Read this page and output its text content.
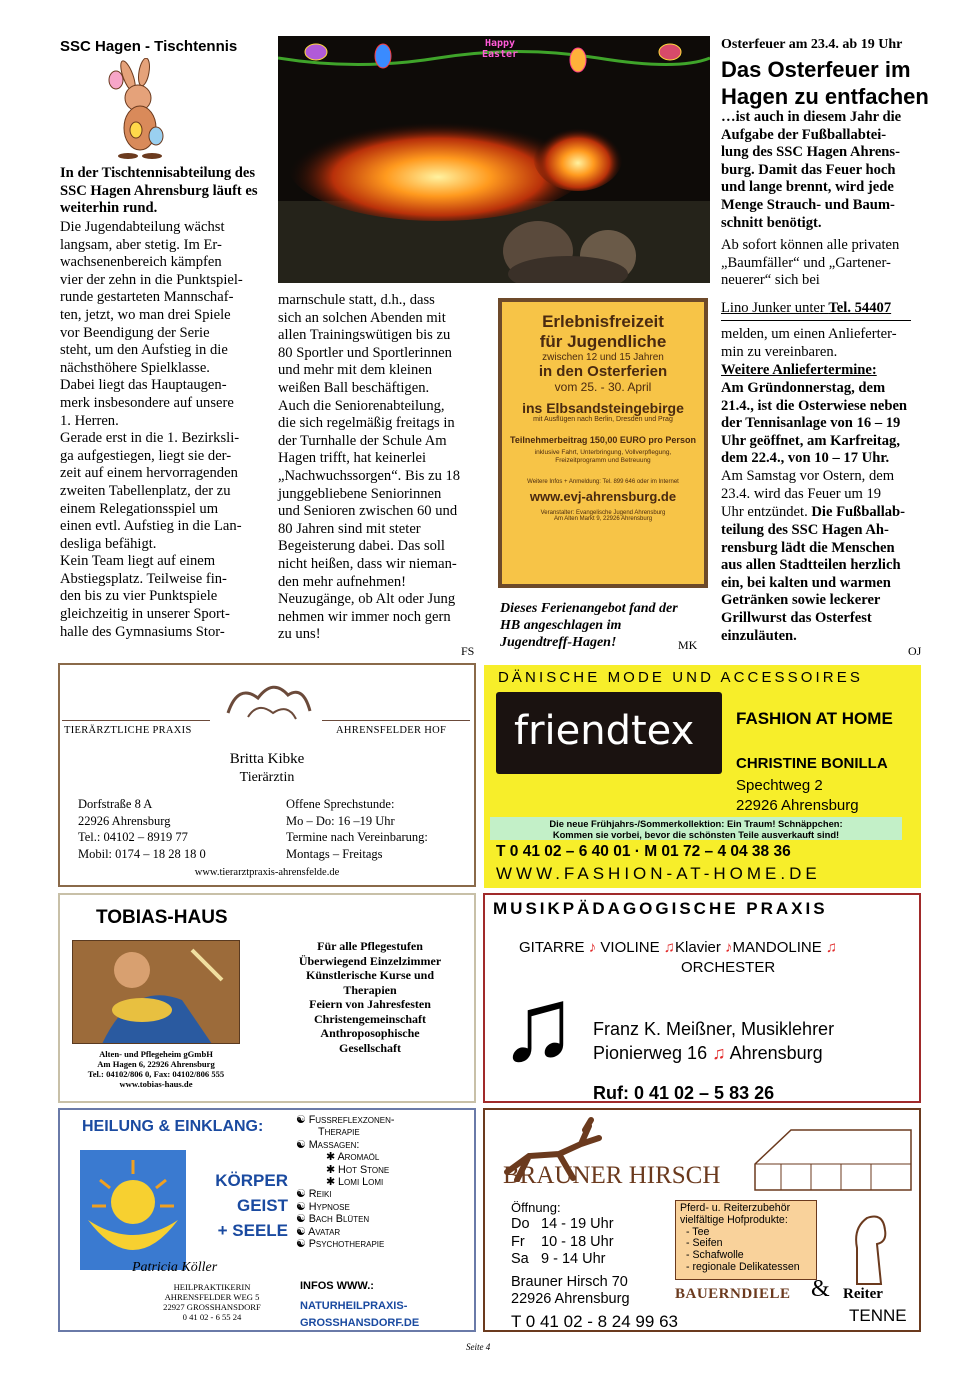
SSC Hagen - Tischtennis
In der Tischtennisabteilung des SSC Hagen Ahrensburg läuft es weiterhin rund.
Die Jugendabteilung wächst
langsam, aber stetig. Im Er-
wachsenenbereich kämpfen
vier der zehn in die Punktspiel-
runde gestarteten Mannschaf-
ten, jetzt, wo man drei Spiele
vor Beendigung der Serie
steht, um den Aufstieg in die
nächsthöhere Spielklasse.
Dabei liegt das Hauptaugen-
merk insbesondere auf unsere
1. Herren.
Gerade erst in die 1. Bezirksli-
ga aufgestiegen, liegt sie der-
zeit auf einem hervorragenden
zweiten Tabellenplatz, der zu
einem Relegationsspiel um
einen evtl. Aufstieg in die Lan-
desliga befähigt.
Kein Team liegt auf einem
Abstiegsplatz. Teilweise fin-
den bis zu vier Punktspiele
gleichzeitig in unserer Sport-
halle des Gymnasiums Stor-
marnschule statt, d.h., dass
sich an solchen Abenden mit
allen Trainingswütigen bis zu
80 Sportler und Sportlerinnen
und mehr mit dem kleinen
weißen Ball beschäftigen.
Auch die Seniorenabteilung,
die sich regelmäßig freitags in
der Turnhalle der Schule Am
Hagen trifft, hat keinerlei
„Nachwuchssorgen“. Bis zu 18
junggebliebene Seniorinnen
und Senioren zwischen 60 und
80 Jahren sind mit steter
Begeisterung dabei. Das soll
nicht heißen, dass wir nieman-
den mehr aufnehmen!
Neuzugänge, ob Alt oder Jung
nehmen wir immer noch gern
zu uns!
FS
Happy Easter
Erlebnisfreizeit
für Jugendliche
zwischen 12 und 15 Jahren
in den Osterferien
vom 25. - 30. April
ins Elbsandsteingebirge
mit Ausflügen nach Berlin, Dresden und Prag
Teilnehmerbeitrag 150,00 EURO pro Person
inklusive Fahrt, Unterbringung, Vollverpflegung, Freizeitprogramm und Betreuung
Weitere Infos + Anmeldung: Tel. 899 646 oder im Internet
www.evj-ahrensburg.de
Veranstalter: Evangelische Jugend Ahrensburg
Am Alten Markt 9, 22926 Ahrensburg
Dieses Ferienangebot fand der HB angeschlagen im Jugendtreff-Hagen!	MK
Osterfeuer am 23.4. ab 19 Uhr
Das Osterfeuer im
Hagen zu entfachen
…ist auch in diesem Jahr die
Aufgabe der Fußballabtei-
lung des SSC Hagen Ahrens-
burg. Damit das Feuer hoch
und lange brennt, wird jede
Menge Strauch- und Baum-
schnitt benötigt.
Ab sofort können alle privaten
„Baumfäller“ und „Gartener-
neuerer“ sich bei
Lino Junker unter Tel. 54407
melden, um einen Anlieferter-
min zu vereinbaren.
Weitere Anliefertermine:
Am Gründonnerstag, dem
21.4., ist die Osterwiese neben
der Tennisanlage von 16 – 19
Uhr geöffnet, am Karfreitag,
dem 22.4., von 10 – 17 Uhr.
Am Samstag vor Ostern, dem
23.4. wird das Feuer um 19
Uhr entzündet. Die Fußballab-
teilung des SSC Hagen Ah-
rensburg lädt die Menschen
aus allen Stadtteilen herzlich
ein, bei kalten und warmen
Getränken sowie leckerer
Grillwurst das Osterfest
einzuläuten.
OJ
TIERÄRZTLICHE PRAXIS	AHRENSFELDER HOF
Britta Kibke
Tierärztin
Dorfstraße 8 A
22926 Ahrensburg
Tel.: 04102 – 8919 77
Mobil: 0174 – 18 28 18 0
Offene Sprechstunde:
Mo – Do: 16 –19 Uhr
Termine nach Vereinbarung:
Montags – Freitags
www.tierarztpraxis-ahrensfelde.de
DÄNISCHE MODE UND ACCESSOIRES
friendtex FASHION AT HOME
CHRISTINE BONILLA
Spechtweg 2
22926 Ahrensburg
Die neue Frühjahrs-/Sommerkollektion: Ein Traum! Schnäppchen:
Kommen sie vorbei, bevor die schönsten Teile ausverkauft sind!
T 0 41 02 – 6 40 01 · M 01 72 – 4 04 38 36
WWW.FASHION-AT-HOME.DE
TOBIAS-HAUS
Alten- und Pflegeheim gGmbH
Am Hagen 6, 22926 Ahrensburg
Tel.: 04102/806 0, Fax: 04102/806 555
www.tobias-haus.de
Für alle Pflegestufen
Überwiegend Einzelzimmer
Künstlerische Kurse und
Therapien
Feiern von Jahresfesten
Christengemeinschaft
Anthroposophische
Gesellschaft
MUSIKPÄDAGOGISCHE PRAXIS
GITARRE ♪ VIOLINE ♫Klavier ♪MANDOLINE ♫
ORCHESTER
♫ Franz K. Meißner, Musiklehrer
Pionierweg 16 ♫ Ahrensburg
Ruf: 0 41 02 – 5 83 26
HEILUNG & EINKLANG:
KÖRPER
GEIST
+ SEELE
Patricia Köller
HEILPRAKTIKERIN
AHRENSFELDER WEG 5
22927 GROSSHANSDORF
0 41 02 - 6 55 24
☯ Fußreflexzonen-
Therapie
☯ Massagen:
✱ Aromaöl
✱ Hot Stone
✱ Lomi Lomi
☯ Reiki
☯ Hypnose
☯ Bach Blüten
☯ Avatar
☯ Psychotherapie
INFOS WWW.:
NATURHEILPRAXIS-
GROSSHANSDORF.DE
BRAUNER HIRSCH
Öffnung:
Do 14 - 19 Uhr
Fr 10 - 18 Uhr
Sa 9 - 14 Uhr
Brauner Hirsch 70
22926 Ahrensburg
T 0 41 02 - 8 24 99 63
Pferd- u. Reiterzubehör vielfältige Hofprodukte:
- Tee
- Seifen
- Schafwolle
- regionale Delikatessen
BAUERNDIELE & Reiter
TENNE
Seite 4
